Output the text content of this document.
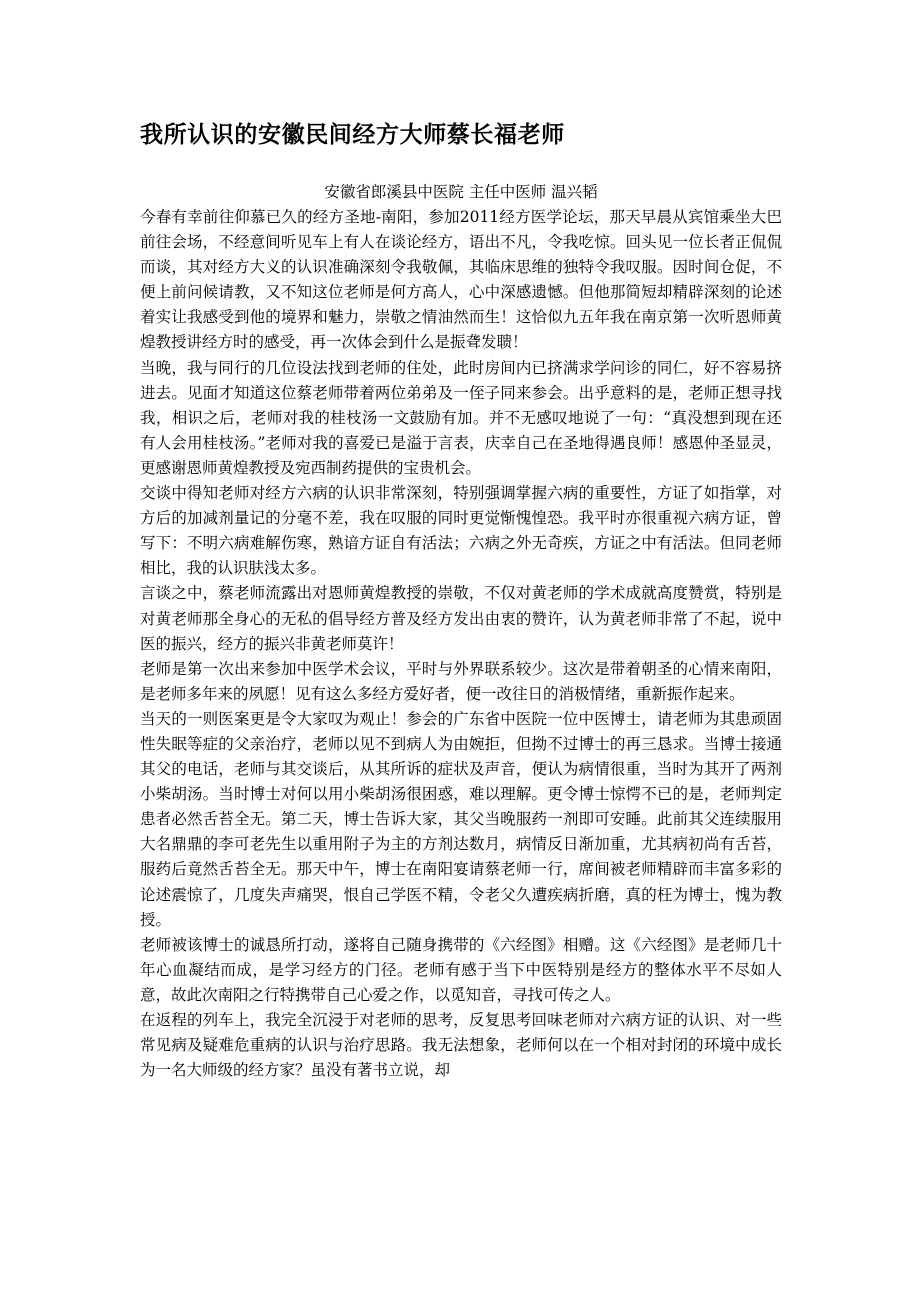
我所认识的安徽民间经方大师蔡长福老师

安徽省郎溪县中医院 主任中医师 温兴韬

今春有幸前往仰慕已久的经方圣地-南阳，参加2011经方医学论坛，那天早晨从宾馆乘坐大巴前往会场，不经意间听见车上有人在谈论经方，语出不凡，令我吃惊。回头见一位长者正侃侃而谈，其对经方大义的认识准确深刻令我敬佩，其临床思维的独特令我叹服。因时间仓促，不便上前问候请教，又不知这位老师是何方高人，心中深感遗憾。但他那简短却精辟深刻的论述着实让我感受到他的境界和魅力，崇敬之情油然而生！这恰似九五年我在南京第一次听恩师黄煌教授讲经方时的感受，再一次体会到什么是振聋发聩！

当晚，我与同行的几位设法找到老师的住处，此时房间内已挤满求学问诊的同仁，好不容易挤进去。见面才知道这位蔡老师带着两位弟弟及一侄子同来参会。出乎意料的是，老师正想寻找我，相识之后，老师对我的桂枝汤一文鼓励有加。并不无感叹地说了一句：“真没想到现在还有人会用桂枝汤。”老师对我的喜爱已是溢于言表，庆幸自己在圣地得遇良师！感恩仲圣显灵，更感谢恩师黄煌教授及宛西制药提供的宝贵机会。

交谈中得知老师对经方六病的认识非常深刻，特别强调掌握六病的重要性，方证了如指掌，对方后的加减剂量记的分毫不差，我在叹服的同时更觉惭愧惶恐。我平时亦很重视六病方证，曾写下：不明六病难解伤寒，熟谙方证自有活法；六病之外无奇疾，方证之中有活法。但同老师相比，我的认识肤浅太多。

言谈之中，蔡老师流露出对恩师黄煌教授的崇敬，不仅对黄老师的学术成就高度赞赏，特别是对黄老师那全身心的无私的倡导经方普及经方发出由衷的赞许，认为黄老师非常了不起，说中医的振兴，经方的振兴非黄老师莫许！

老师是第一次出来参加中医学术会议，平时与外界联系较少。这次是带着朝圣的心情来南阳，是老师多年来的夙愿！见有这么多经方爱好者，便一改往日的消极情绪，重新振作起来。

当天的一则医案更是令大家叹为观止！参会的广东省中医院一位中医博士，请老师为其患顽固性失眠等症的父亲治疗，老师以见不到病人为由婉拒，但拗不过博士的再三恳求。当博士接通其父的电话，老师与其交谈后，从其所诉的症状及声音，便认为病情很重，当时为其开了两剂小柴胡汤。当时博士对何以用小柴胡汤很困惑，难以理解。更令博士惊愕不已的是，老师判定患者必然舌苔全无。第二天，博士告诉大家，其父当晚服药一剂即可安睡。此前其父连续服用大名鼎鼎的李可老先生以重用附子为主的方剂达数月，病情反日渐加重，尤其病初尚有舌苔，服药后竟然舌苔全无。那天中午，博士在南阳宴请蔡老师一行，席间被老师精辟而丰富多彩的论述震惊了，几度失声痛哭，恨自己学医不精，令老父久遭疾病折磨，真的枉为博士，愧为教授。

老师被该博士的诚恳所打动，遂将自己随身携带的《六经图》相赠。这《六经图》是老师几十年心血凝结而成，是学习经方的门径。老师有感于当下中医特别是经方的整体水平不尽如人意，故此次南阳之行特携带自己心爱之作，以觅知音，寻找可传之人。

在返程的列车上，我完全沉浸于对老师的思考，反复思考回味老师对六病方证的认识、对一些常见病及疑难危重病的认识与治疗思路。我无法想象，老师何以在一个相对封闭的环境中成长为一名大师级的经方家？虽没有著书立说，却
